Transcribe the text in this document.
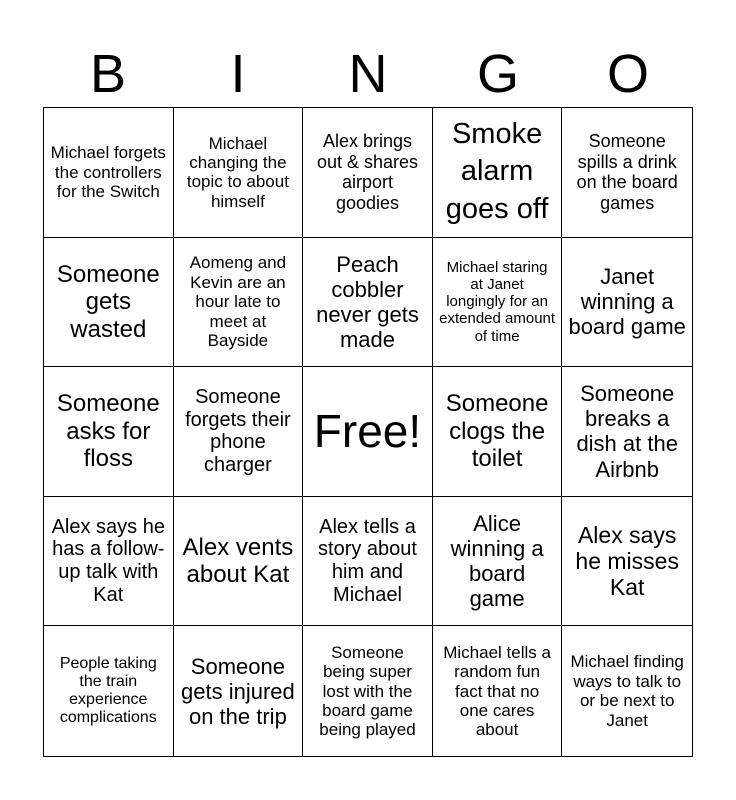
B	I	N	G	O
Michael forgets the controllers for the Switch
Michael changing the topic to about himself
Alex brings out & shares airport goodies
Smoke alarm goes off
Someone spills a drink on the board games
Someone gets wasted
Aomeng and Kevin are an hour late to meet at Bayside
Peach cobbler never gets made
Michael staring at Janet longingly for an extended amount of time
Janet winning a board game
Someone asks for floss
Someone forgets their phone charger
Free!
Someone clogs the toilet
Someone breaks a dish at the Airbnb
Alex says he has a follow-up talk with Kat
Alex vents about Kat
Alex tells a story about him and Michael
Alice winning a board game
Alex says he misses Kat
People taking the train experience complications
Someone gets injured on the trip
Someone being super lost with the board game being played
Michael tells a random fun fact that no one cares about
Michael finding ways to talk to or be next to Janet
